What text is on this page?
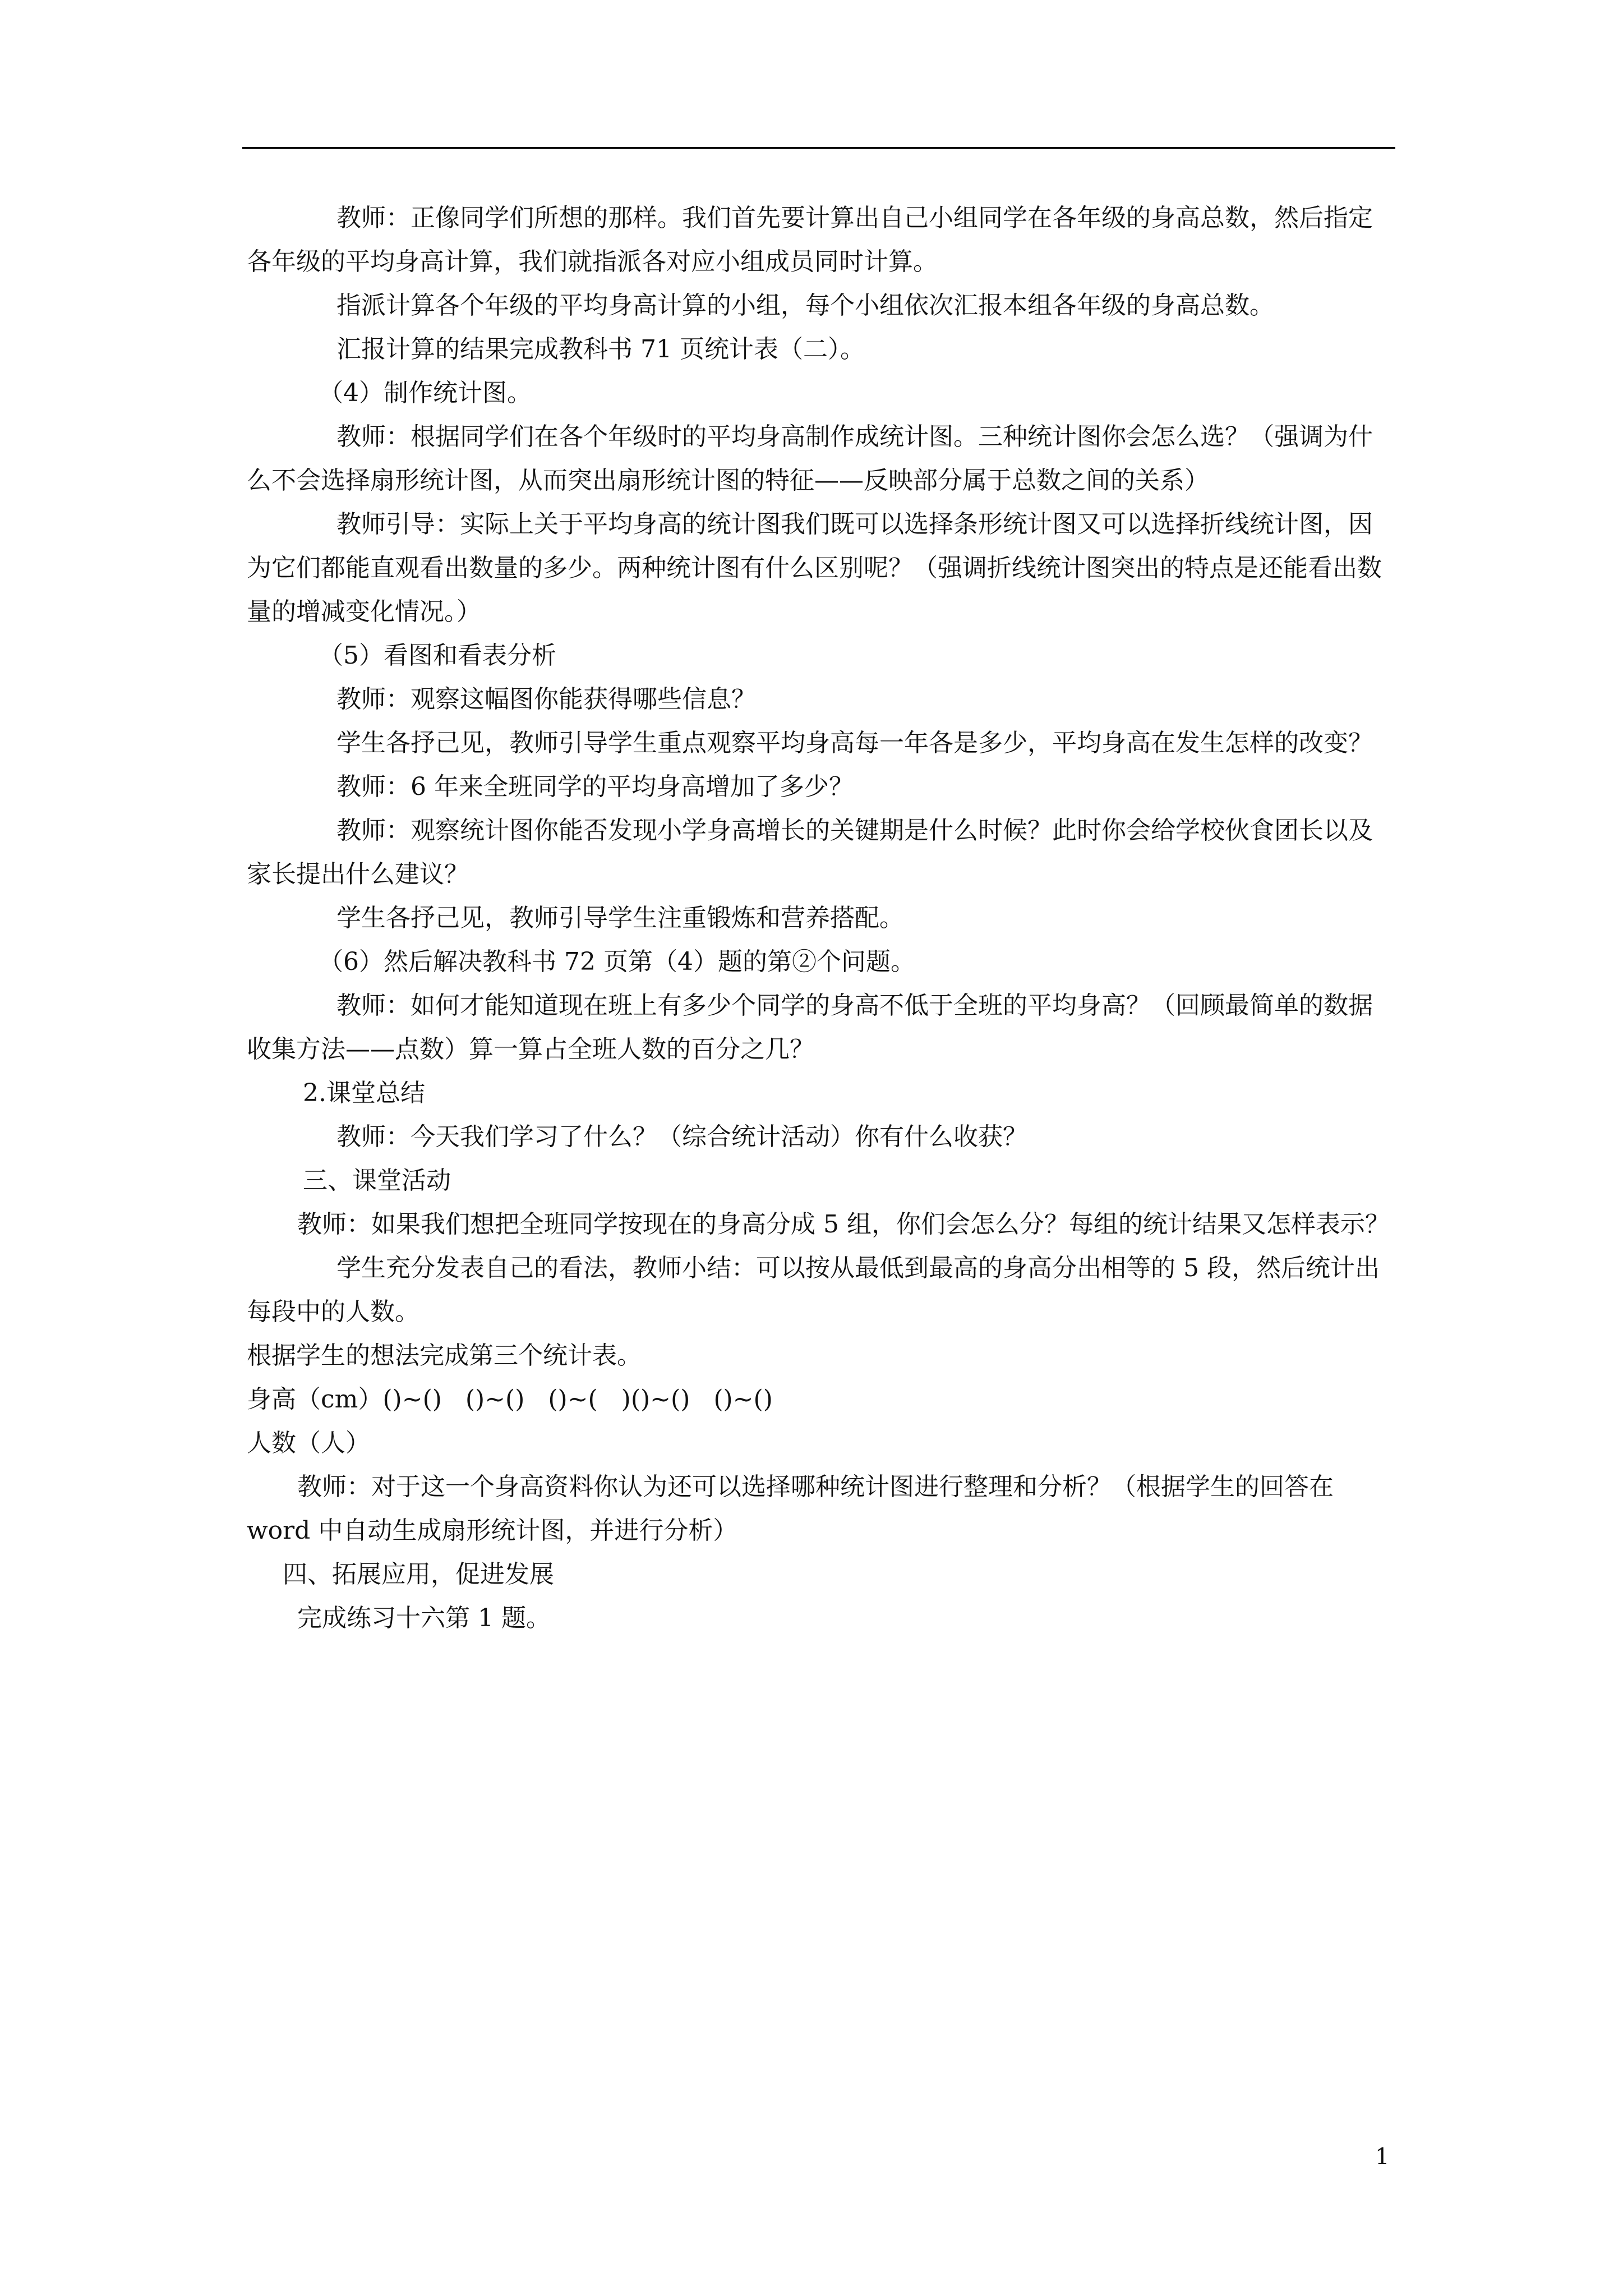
教师：正像同学们所想的那样。我们首先要计算出自己小组同学在各年级的身高总数，然后指定各年级的平均身高计算，我们就指派各对应小组成员同时计算。

指派计算各个年级的平均身高计算的小组，每个小组依次汇报本组各年级的身高总数。

汇报计算的结果完成教科书 71 页统计表（二）。

（4）制作统计图。

教师：根据同学们在各个年级时的平均身高制作成统计图。三种统计图你会怎么选？（强调为什么不会选择扇形统计图，从而突出扇形统计图的特征——反映部分属于总数之间的关系）

教师引导：实际上关于平均身高的统计图我们既可以选择条形统计图又可以选择折线统计图，因为它们都能直观看出数量的多少。两种统计图有什么区别呢？（强调折线统计图突出的特点是还能看出数量的增减变化情况。）

（5）看图和看表分析

教师：观察这幅图你能获得哪些信息？

学生各抒己见，教师引导学生重点观察平均身高每一年各是多少，平均身高在发生怎样的改变？

教师：6 年来全班同学的平均身高增加了多少？

教师：观察统计图你能否发现小学身高增长的关键期是什么时候？此时你会给学校伙食团长以及家长提出什么建议？

学生各抒己见，教师引导学生注重锻炼和营养搭配。

（6）然后解决教科书 72 页第（4）题的第②个问题。

教师：如何才能知道现在班上有多少个同学的身高不低于全班的平均身高？（回顾最简单的数据收集方法——点数）算一算占全班人数的百分之几？

2.课堂总结

教师：今天我们学习了什么？（综合统计活动）你有什么收获？

三、课堂活动

教师：如果我们想把全班同学按现在的身高分成 5 组，你们会怎么分？每组的统计结果又怎样表示？

学生充分发表自己的看法，教师小结：可以按从最低到最高的身高分出相等的 5 段，然后统计出每段中的人数。

根据学生的想法完成第三个统计表。

身高（cm）()~()   ()~()   ()~(   )()~()   ()~()

人数（人）

教师：对于这一个身高资料你认为还可以选择哪种统计图进行整理和分析？（根据学生的回答在 word 中自动生成扇形统计图，并进行分析）

四、拓展应用，促进发展

完成练习十六第 1 题。

1
